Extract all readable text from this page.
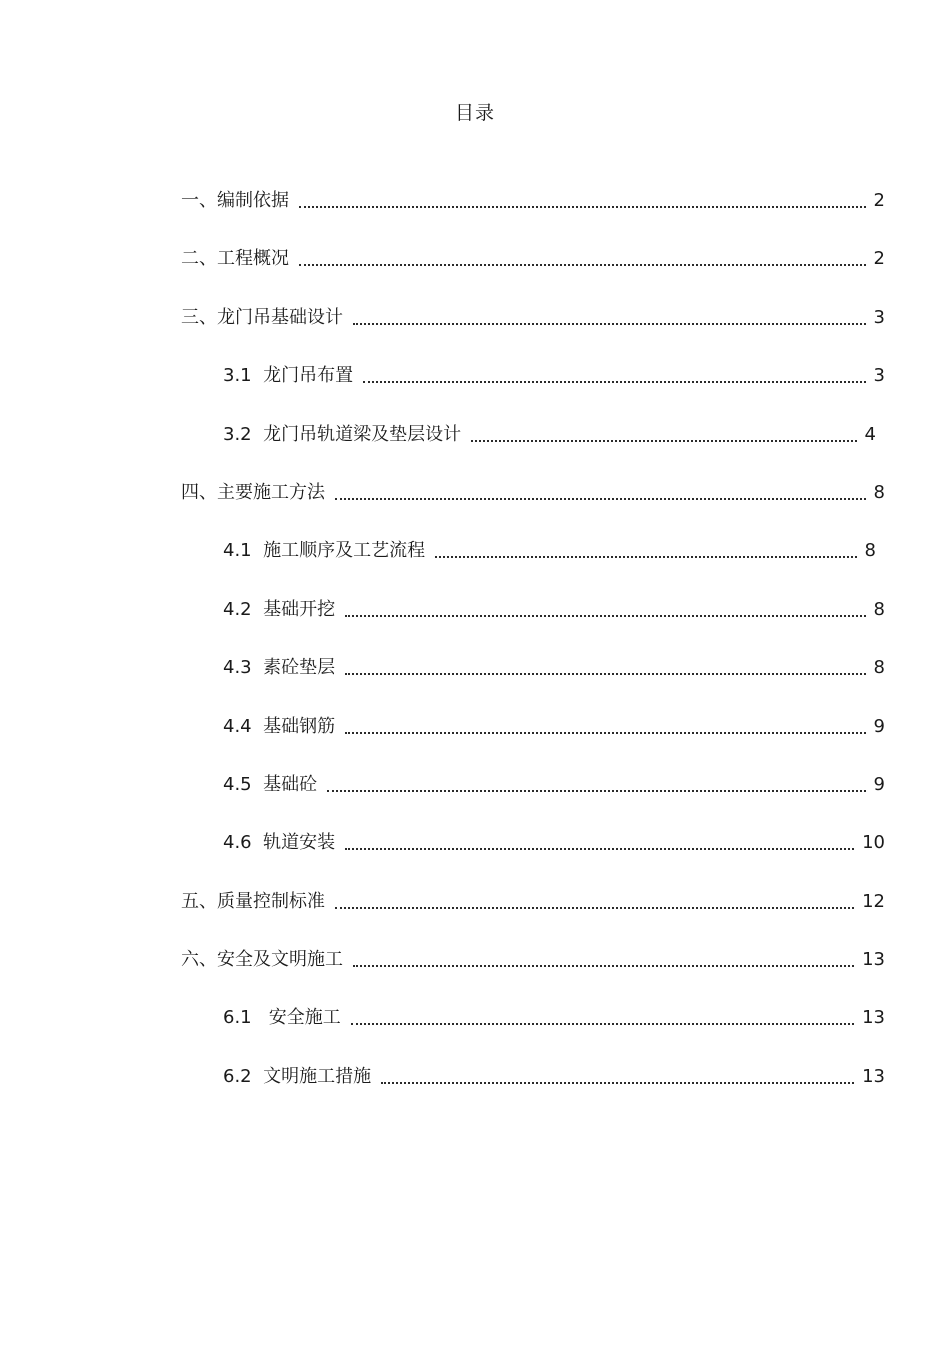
目录
一、 编制依据	2
二、 工程概况	2
三、 龙门吊基础设计	3
3.1 龙门吊布置	3
3.2 龙门吊轨道梁及垫层设计	4
四、 主要施工方法	8
4.1 施工顺序及工艺流程	8
4.2 基础开挖	8
4.3 素砼垫层	8
4.4 基础钢筋	9
4.5 基础砼	9
4.6 轨道安装	10
五、 质量控制标准	12
六、 安全及文明施工	13
6.1 安全施工	13
6.2 文明施工措施	13
